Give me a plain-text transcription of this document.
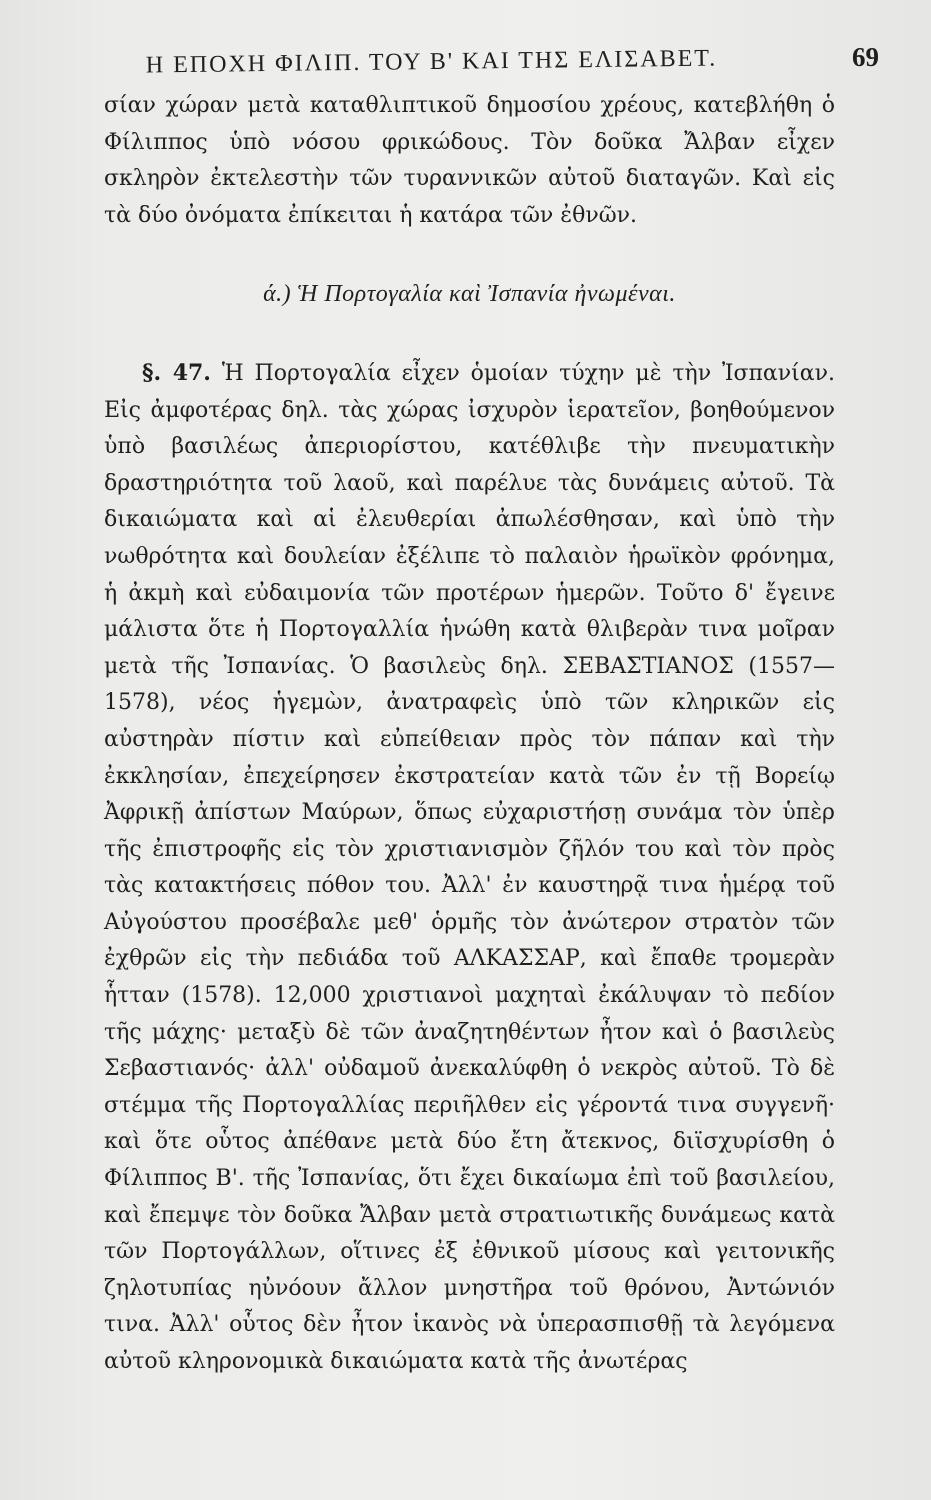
Η ΕΠΟΧΗ ΦΙΛΙΠ. ΤΟΥ Β' ΚΑΙ ΤΗΣ ΕΛΙΣΑΒΕΤ.	69

σίαν χώραν μετὰ καταθλιπτικοῦ δημοσίου χρέους, κατεβλήθη ὁ Φίλιππος ὑπὸ νόσου φρικώδους. Τὸν δοῦκα Ἄλβαν εἶχεν σκληρὸν ἐκτελεστὴν τῶν τυραννικῶν αὐτοῦ διαταγῶν. Καὶ εἰς τὰ δύο ὀνόματα ἐπίκειται ἡ κατάρα τῶν ἐθνῶν.

ά.) Ἡ Πορτογαλία καὶ Ἰσπανία ἠνωμέναι.

§. 47. Ἡ Πορτογαλία εἶχεν ὁμοίαν τύχην μὲ τὴν Ἰσπανίαν. Εἰς ἀμφοτέρας δηλ. τὰς χώρας ἰσχυρὸν ἱερατεῖον, βοηθούμενον ὑπὸ βασιλέως ἀπεριορίστου, κατέθλιβε τὴν πνευματικὴν δραστηριότητα τοῦ λαοῦ, καὶ παρέλυε τὰς δυνάμεις αὐτοῦ. Τὰ δικαιώματα καὶ αἱ ἐλευθερίαι ἀπωλέσθησαν, καὶ ὑπὸ τὴν νωθρότητα καὶ δουλείαν ἐξέλιπε τὸ παλαιὸν ἡρωϊκὸν φρόνημα, ἡ ἀκμὴ καὶ εὐδαιμονία τῶν προτέρων ἡμερῶν. Τοῦτο δ' ἔγεινε μάλιστα ὅτε ἡ Πορτογαλλία ἡνώθη κατὰ θλιβερὰν τινα μοῖραν μετὰ τῆς Ἰσπανίας. Ὁ βασιλεὺς δηλ. ΣΕΒΑΣΤΙΑΝΟΣ (1557—1578), νέος ἡγεμὼν, ἀνατραφεὶς ὑπὸ τῶν κληρικῶν εἰς αὐστηρὰν πίστιν καὶ εὐπείθειαν πρὸς τὸν πάπαν καὶ τὴν ἐκκλησίαν, ἐπεχείρησεν ἐκστρατείαν κατὰ τῶν ἐν τῇ Βορείῳ Ἀφρικῇ ἀπίστων Μαύρων, ὅπως εὐχαριστήσῃ συνάμα τὸν ὑπὲρ τῆς ἐπιστροφῆς εἰς τὸν χριστιανισμὸν ζῆλόν του καὶ τὸν πρὸς τὰς κατακτήσεις πόθον του. Ἀλλ' ἐν καυστηρᾷ τινα ἡμέρᾳ τοῦ Αὐγούστου προσέβαλε μεθ' ὁρμῆς τὸν ἀνώτερον στρατὸν τῶν ἐχθρῶν εἰς τὴν πεδιάδα τοῦ ΑΛΚΑΣΣΑΡ, καὶ ἔπαθε τρομερὰν ἧτταν (1578). 12,000 χριστιανοὶ μαχηταὶ ἐκάλυψαν τὸ πεδίον τῆς μάχης· μεταξὺ δὲ τῶν ἀναζητηθέντων ἦτον καὶ ὁ βασιλεὺς Σεβαστιανός· ἀλλ' οὐδαμοῦ ἀνεκαλύφθη ὁ νεκρὸς αὐτοῦ. Τὸ δὲ στέμμα τῆς Πορτογαλλίας περιῆλθεν εἰς γέροντά τινα συγγενῆ· καὶ ὅτε οὗτος ἀπέθανε μετὰ δύο ἔτη ἄτεκνος, διϊσχυρίσθη ὁ Φίλιππος Β'. τῆς Ἰσπανίας, ὅτι ἔχει δικαίωμα ἐπὶ τοῦ βασιλείου, καὶ ἔπεμψε τὸν δοῦκα Ἄλβαν μετὰ στρατιωτικῆς δυνάμεως κατὰ τῶν Πορτογάλλων, οἵτινες ἐξ ἐθνικοῦ μίσους καὶ γειτονικῆς ζηλοτυπίας ηὐνόουν ἄλλον μνηστῆρα τοῦ θρόνου, Ἀντώνιόν τινα. Ἀλλ' οὗτος δὲν ἦτον ἱκανὸς νὰ ὑπερασπισθῇ τὰ λεγόμενα αὐτοῦ κληρονομικὰ δικαιώματα κατὰ τῆς ἀνωτέρας
